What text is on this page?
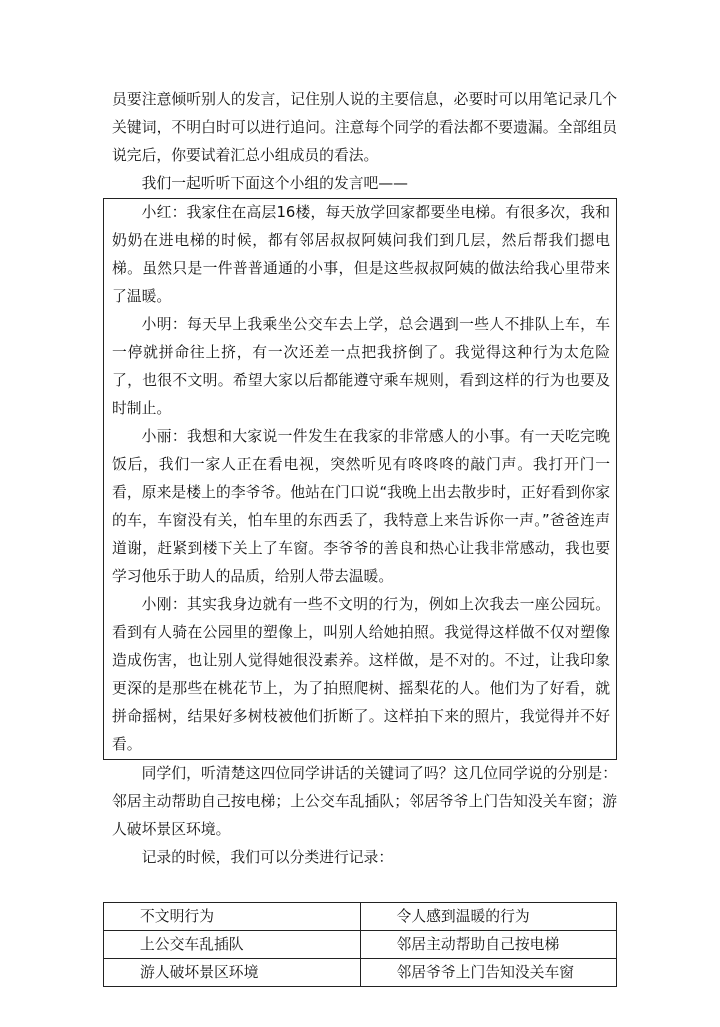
员要注意倾听别人的发言，记住别人说的主要信息，必要时可以用笔记录几个关键词，不明白时可以进行追问。注意每个同学的看法都不要遗漏。全部组员说完后，你要试着汇总小组成员的看法。

我们一起听听下面这个小组的发言吧——

小红：我家住在高层16楼，每天放学回家都要坐电梯。有很多次，我和奶奶在进电梯的时候，都有邻居叔叔阿姨问我们到几层，然后帮我们摁电梯。虽然只是一件普普通通的小事，但是这些叔叔阿姨的做法给我心里带来了温暖。

小明：每天早上我乘坐公交车去上学，总会遇到一些人不排队上车，车一停就拼命往上挤，有一次还差一点把我挤倒了。我觉得这种行为太危险了，也很不文明。希望大家以后都能遵守乘车规则，看到这样的行为也要及时制止。

小丽：我想和大家说一件发生在我家的非常感人的小事。有一天吃完晚饭后，我们一家人正在看电视，突然听见有咚咚咚的敲门声。我打开门一看，原来是楼上的李爷爷。他站在门口说“我晚上出去散步时，正好看到你家的车，车窗没有关，怕车里的东西丢了，我特意上来告诉你一声。”爸爸连声道谢，赶紧到楼下关上了车窗。李爷爷的善良和热心让我非常感动，我也要学习他乐于助人的品质，给别人带去温暖。

小刚：其实我身边就有一些不文明的行为，例如上次我去一座公园玩。看到有人骑在公园里的塑像上，叫别人给她拍照。我觉得这样做不仅对塑像造成伤害，也让别人觉得她很没素养。这样做，是不对的。不过，让我印象更深的是那些在桃花节上，为了拍照爬树、摇梨花的人。他们为了好看，就拼命摇树，结果好多树枝被他们折断了。这样拍下来的照片，我觉得并不好看。

同学们，听清楚这四位同学讲话的关键词了吗？这几位同学说的分别是：邻居主动帮助自己按电梯；上公交车乱插队；邻居爷爷上门告知没关车窗；游人破坏景区环境。

记录的时候，我们可以分类进行记录：

不文明行为	令人感到温暖的行为
上公交车乱插队	邻居主动帮助自己按电梯
游人破坏景区环境	邻居爷爷上门告知没关车窗
